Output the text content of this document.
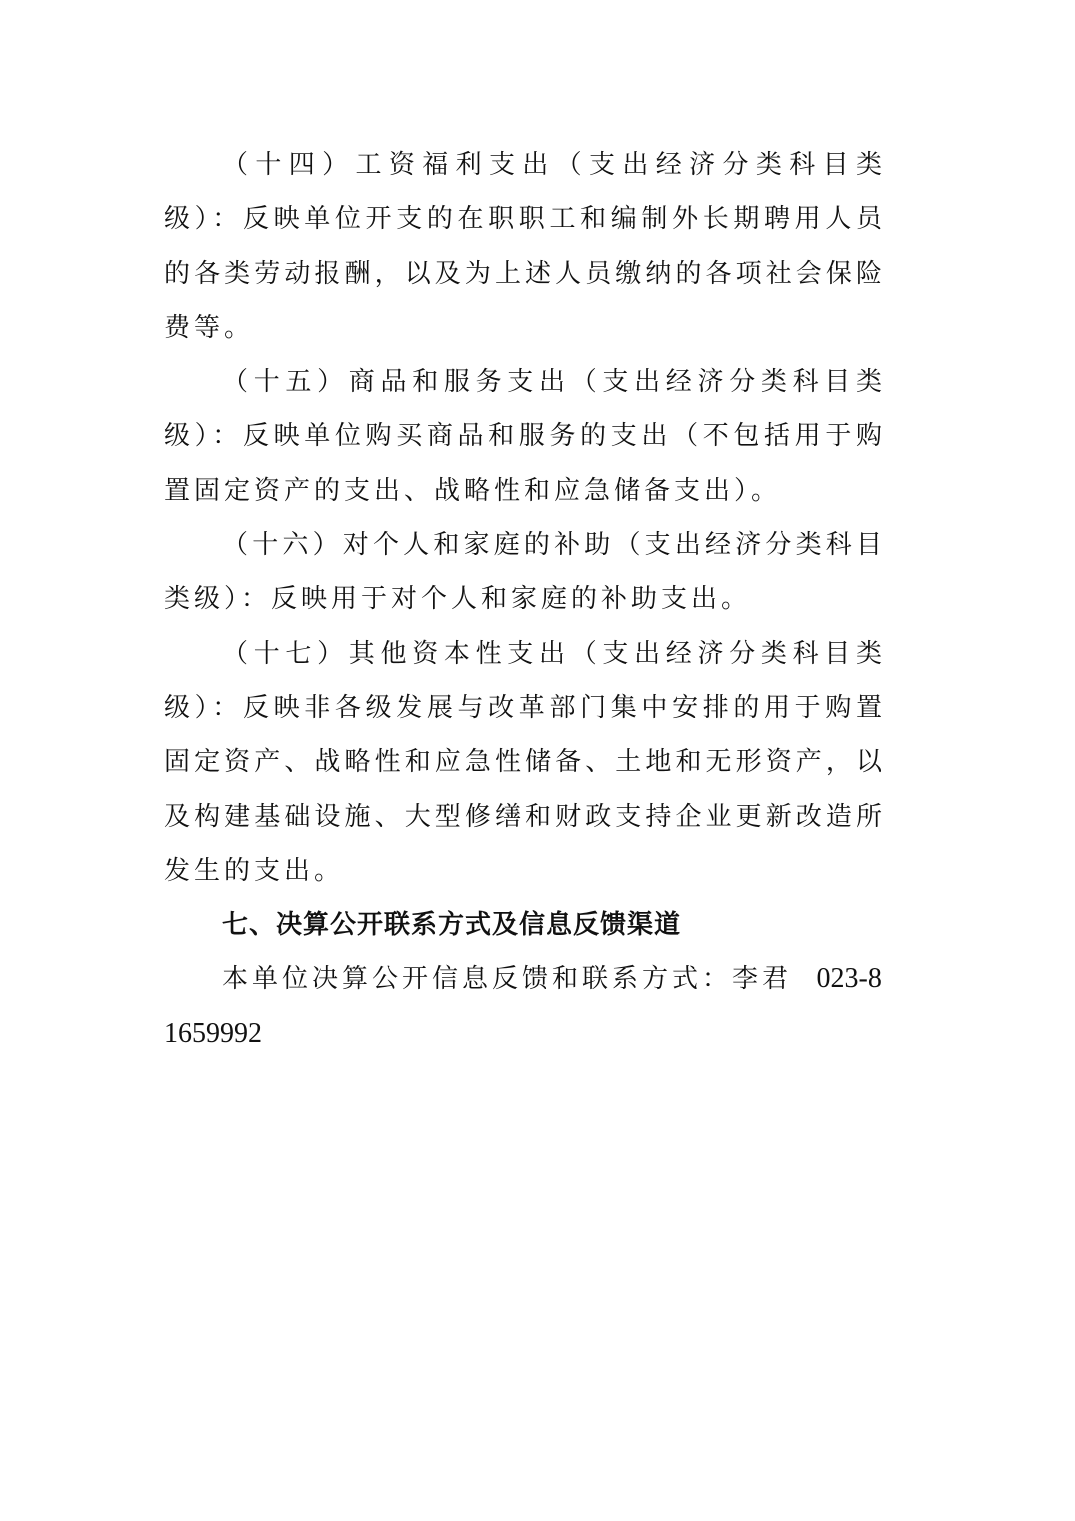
（十四）工资福利支出（支出经济分类科目类级）：反映单位开支的在职职工和编制外长期聘用人员的各类劳动报酬，以及为上述人员缴纳的各项社会保险费等。

（十五）商品和服务支出（支出经济分类科目类级）：反映单位购买商品和服务的支出（不包括用于购置固定资产的支出、战略性和应急储备支出）。

（十六）对个人和家庭的补助（支出经济分类科目类级）：反映用于对个人和家庭的补助支出。

（十七）其他资本性支出（支出经济分类科目类级）：反映非各级发展与改革部门集中安排的用于购置固定资产、战略性和应急性储备、土地和无形资产，以及构建基础设施、大型修缮和财政支持企业更新改造所发生的支出。

七、决算公开联系方式及信息反馈渠道

本单位决算公开信息反馈和联系方式：李君 023-81659992
